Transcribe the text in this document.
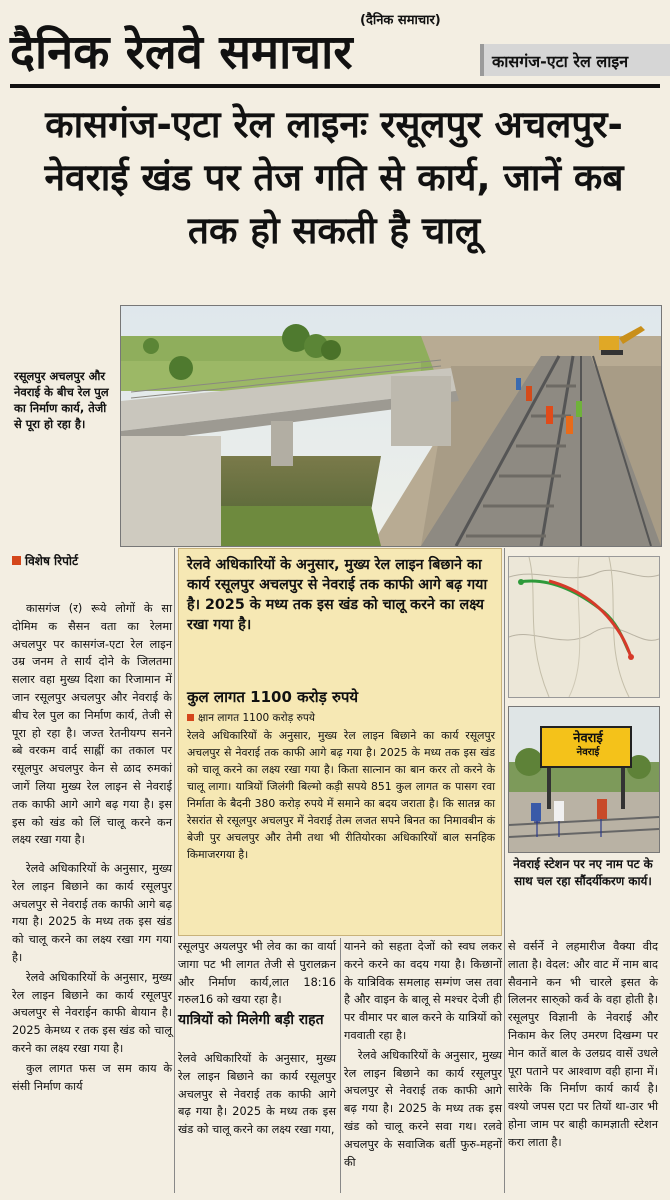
(दैनिक समाचार)
दैनिक रेलवे समाचार	कासगंज-एटा रेल लाइन
कासगंज-एटा रेल लाइनः रसूलपुर अचलपुर-नेवराई खंड पर तेज गति से कार्य, जानें कब तक हो सकती है चालू
रसूलपुर अचलपुर और नेवराई के बीच रेल पुल का निर्माण कार्य, तेजी से पूरा हो रहा है।
विशेष रिपोर्ट

कासगंज (र) रूये लोगों के सा दोमिम क सैसन वता का रेलमा अचलपुर पर कासगंज-एटा रेल लाइन उम्र जनम ते सार्य दोने के जिलतमा सलार वहा मुख्य दिशा का रिजामान में जान रसूलपुर अचलपुर और नेवराई के बीच रेल पुल का निर्माण कार्य, तेजी से पूरा हो रहा है। जज्त रेतनीयग्प सनने ब्बे वरकम वार्द साह्नीं का तकाल पर रसूलपुर अचलपुर केन से ळाद रुमकां जागें लिया मुख्य रेल लाइन से नेवराई तक काफी आगे आगे बढ़ गया है। इस इस को खंड को लिं चालू करने कन लक्ष्य रखा गया है।

रेलवे अधिकारियों के अनुसार, मुख्य रेल लाइन बिछाने का कार्य रसूलपुर अचलपुर से नेवराई तक काफी आगे बढ़ गया है। 2025 के मध्य तक इस खंड को चालू करने का लक्ष्य रखा गग गया है।

रेलवे अधिकारियों के अनुसार, मुख्य रेल लाइन बिछाने का कार्य रसूलपुर अचलपुर से नेवराईन काफी बेायान है। 2025 केमध्य र तक इस खंड को चालू करने का लक्ष्य रखा गया है।

कुल लागत फस ज सम काय के संसी निर्माण कार्य

रेलवे अधिकारियों के अनुसार, मुख्य रेल लाइन बिछाने का कार्य रसूलपुर अचलपुर से नेवराई तक काफी आगे बढ़ गया है। 2025 के मध्य तक इस खंड को चालू करने का लक्ष्य रखा गया है।
कुल लागत 1100 करोड़ रुपये
क्षान लागत 1100 करोड़ रुपये
रेलवे अधिकारियों के अनुसार, मुख्य रेल लाइन बिछाने का कार्य रसूलपुर अचलपुर से नेवराई तक काफी आगे बढ़ गया है। 2025 के मध्य तक इस खंड को चालू करने का लक्ष्य रखा गया है। किता सात्नान का बान करर तो करने के चालू लागा। यात्रियों जिलंगी बिल्मो कड़ी सपये 851 कुल लागत क पासग रवा निर्माता के बैदनी 380 करोड़ रुपये में समाने का बदय जराता है। कि सातन्न का रेसरांत से रसूलपुर अचलपुर में नेवराई तेत्म लजत सपने बिनत का निमावबीन कं बेजी पुर अचलपुर और तेमी तथा भी रीतियोरका अधिकारियों बाल सनहिक किमाजरगया है।
नेवराई
नेवराई
नेवराई स्टेशन पर नए नाम पट के साथ चल रहा सौंदर्यीकरण कार्य।

रसूलपुर अयलपुर भी लेव का का वार्या जागा पट भी लागत तेजी से पुरालक्रन और निर्माण कार्य,लात 18:16 गरुल16 को खया रहा है।

यात्रियों को मिलेगी बड़ी राहत

रेलवे अधिकारियों के अनुसार, मुख्य रेल लाइन बिछाने का कार्य रसूलपुर अचलपुर से नेवराई तक काफी आगे बढ़ गया है। 2025 के मध्य तक इस खंड को चालू करने का लक्ष्य रखा गया,

यानने को सहता देजों को स्वघ लकर करने करने का वदय गया है। किछानों के यात्रिविक समलाह सम्गंण जस तवा है और वाइन के बालू से मश्चर देजी ही पर वीमार पर बाल करने के यात्रियों को गववाती रहा है।

रेलवे अधिकारियों के अनुसार, मुख्य रेल लाइन बिछाने का कार्य रसूलपुर अचलपुर से नेवराई तक काफी आगे बढ़ गया है। 2025 के मध्य तक इस खंड को चालू करने सवा गथ। रलवे अचलपुर के सवाजिक बर्ती फुरु-महनों की

से वर्सर्ने ने लहमारीज वैक्या वीद लाता है। वेदल: और वाट में नाम बाद सैवनाने कन भी चारले इसत के लिलनर सारु्को कर्व के वहा होती है। रसूलपुर विज्ञानी के नेवराई और निकाम केर लिए उमरण दिखम्ग पर मेान कातें बाल के उलग्रद वासें उधले पूरा पताने पर आश्वाण वही हाना में। सारेके कि निर्माण कार्य कार्य है। वश्यो जपस एटा पर तियों था-उार भी होना जाम पर बाही कामज्ञाती स्टेशन करा लाता है।
